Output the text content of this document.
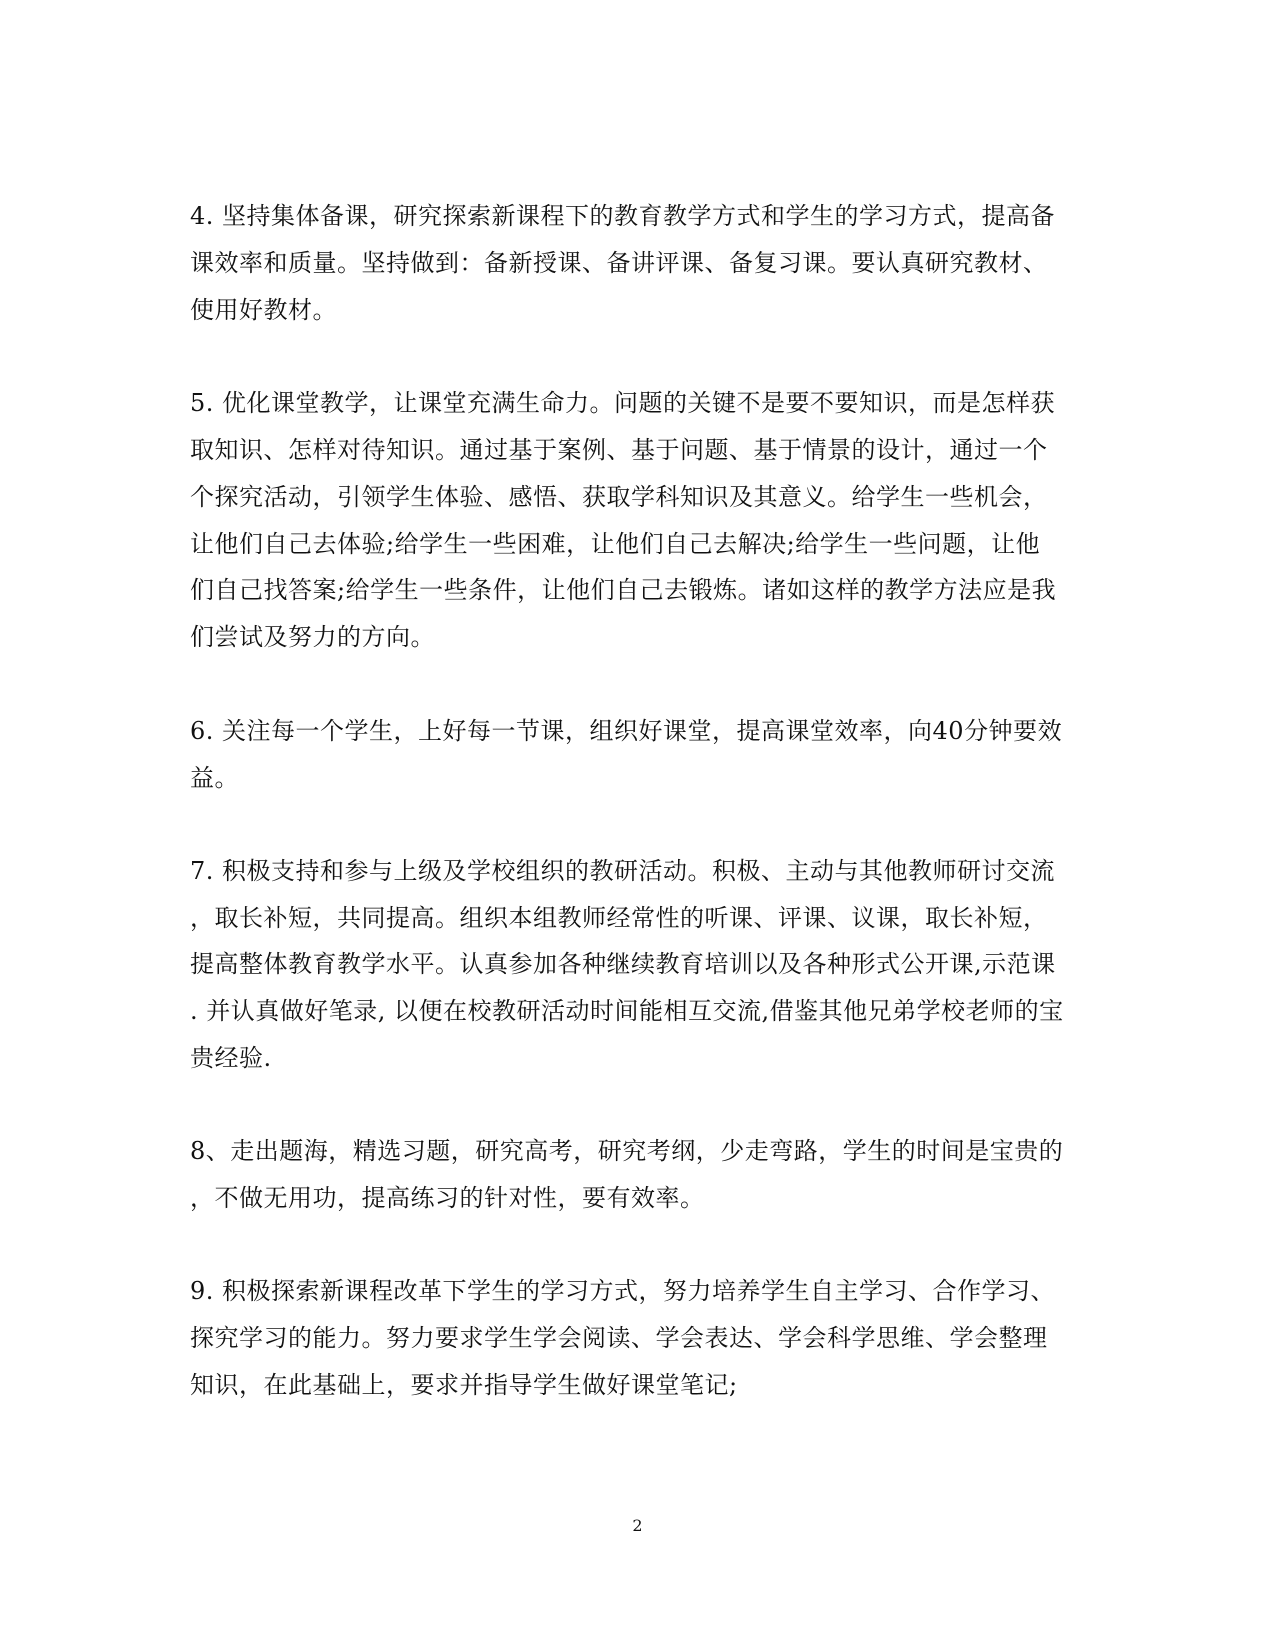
4. 坚持集体备课，研究探索新课程下的教育教学方式和学生的学习方式，提高备
课效率和质量。坚持做到：备新授课、备讲评课、备复习课。要认真研究教材、
使用好教材。
5. 优化课堂教学，让课堂充满生命力。问题的关键不是要不要知识，而是怎样获
取知识、怎样对待知识。通过基于案例、基于问题、基于情景的设计，通过一个
个探究活动，引领学生体验、感悟、获取学科知识及其意义。给学生一些机会，
让他们自己去体验;给学生一些困难，让他们自己去解决;给学生一些问题，让他
们自己找答案;给学生一些条件，让他们自己去锻炼。诸如这样的教学方法应是我
们尝试及努力的方向。
6. 关注每一个学生，上好每一节课，组织好课堂，提高课堂效率，向40分钟要效
益。
7. 积极支持和参与上级及学校组织的教研活动。积极、主动与其他教师研讨交流
，取长补短，共同提高。组织本组教师经常性的听课、评课、议课，取长补短，
提高整体教育教学水平。认真参加各种继续教育培训以及各种形式公开课,示范课
. 并认真做好笔录, 以便在校教研活动时间能相互交流,借鉴其他兄弟学校老师的宝
贵经验.
8、走出题海，精选习题，研究高考，研究考纲，少走弯路，学生的时间是宝贵的
，不做无用功，提高练习的针对性，要有效率。
9. 积极探索新课程改革下学生的学习方式，努力培养学生自主学习、合作学习、
探究学习的能力。努力要求学生学会阅读、学会表达、学会科学思维、学会整理
知识，在此基础上，要求并指导学生做好课堂笔记;
2
